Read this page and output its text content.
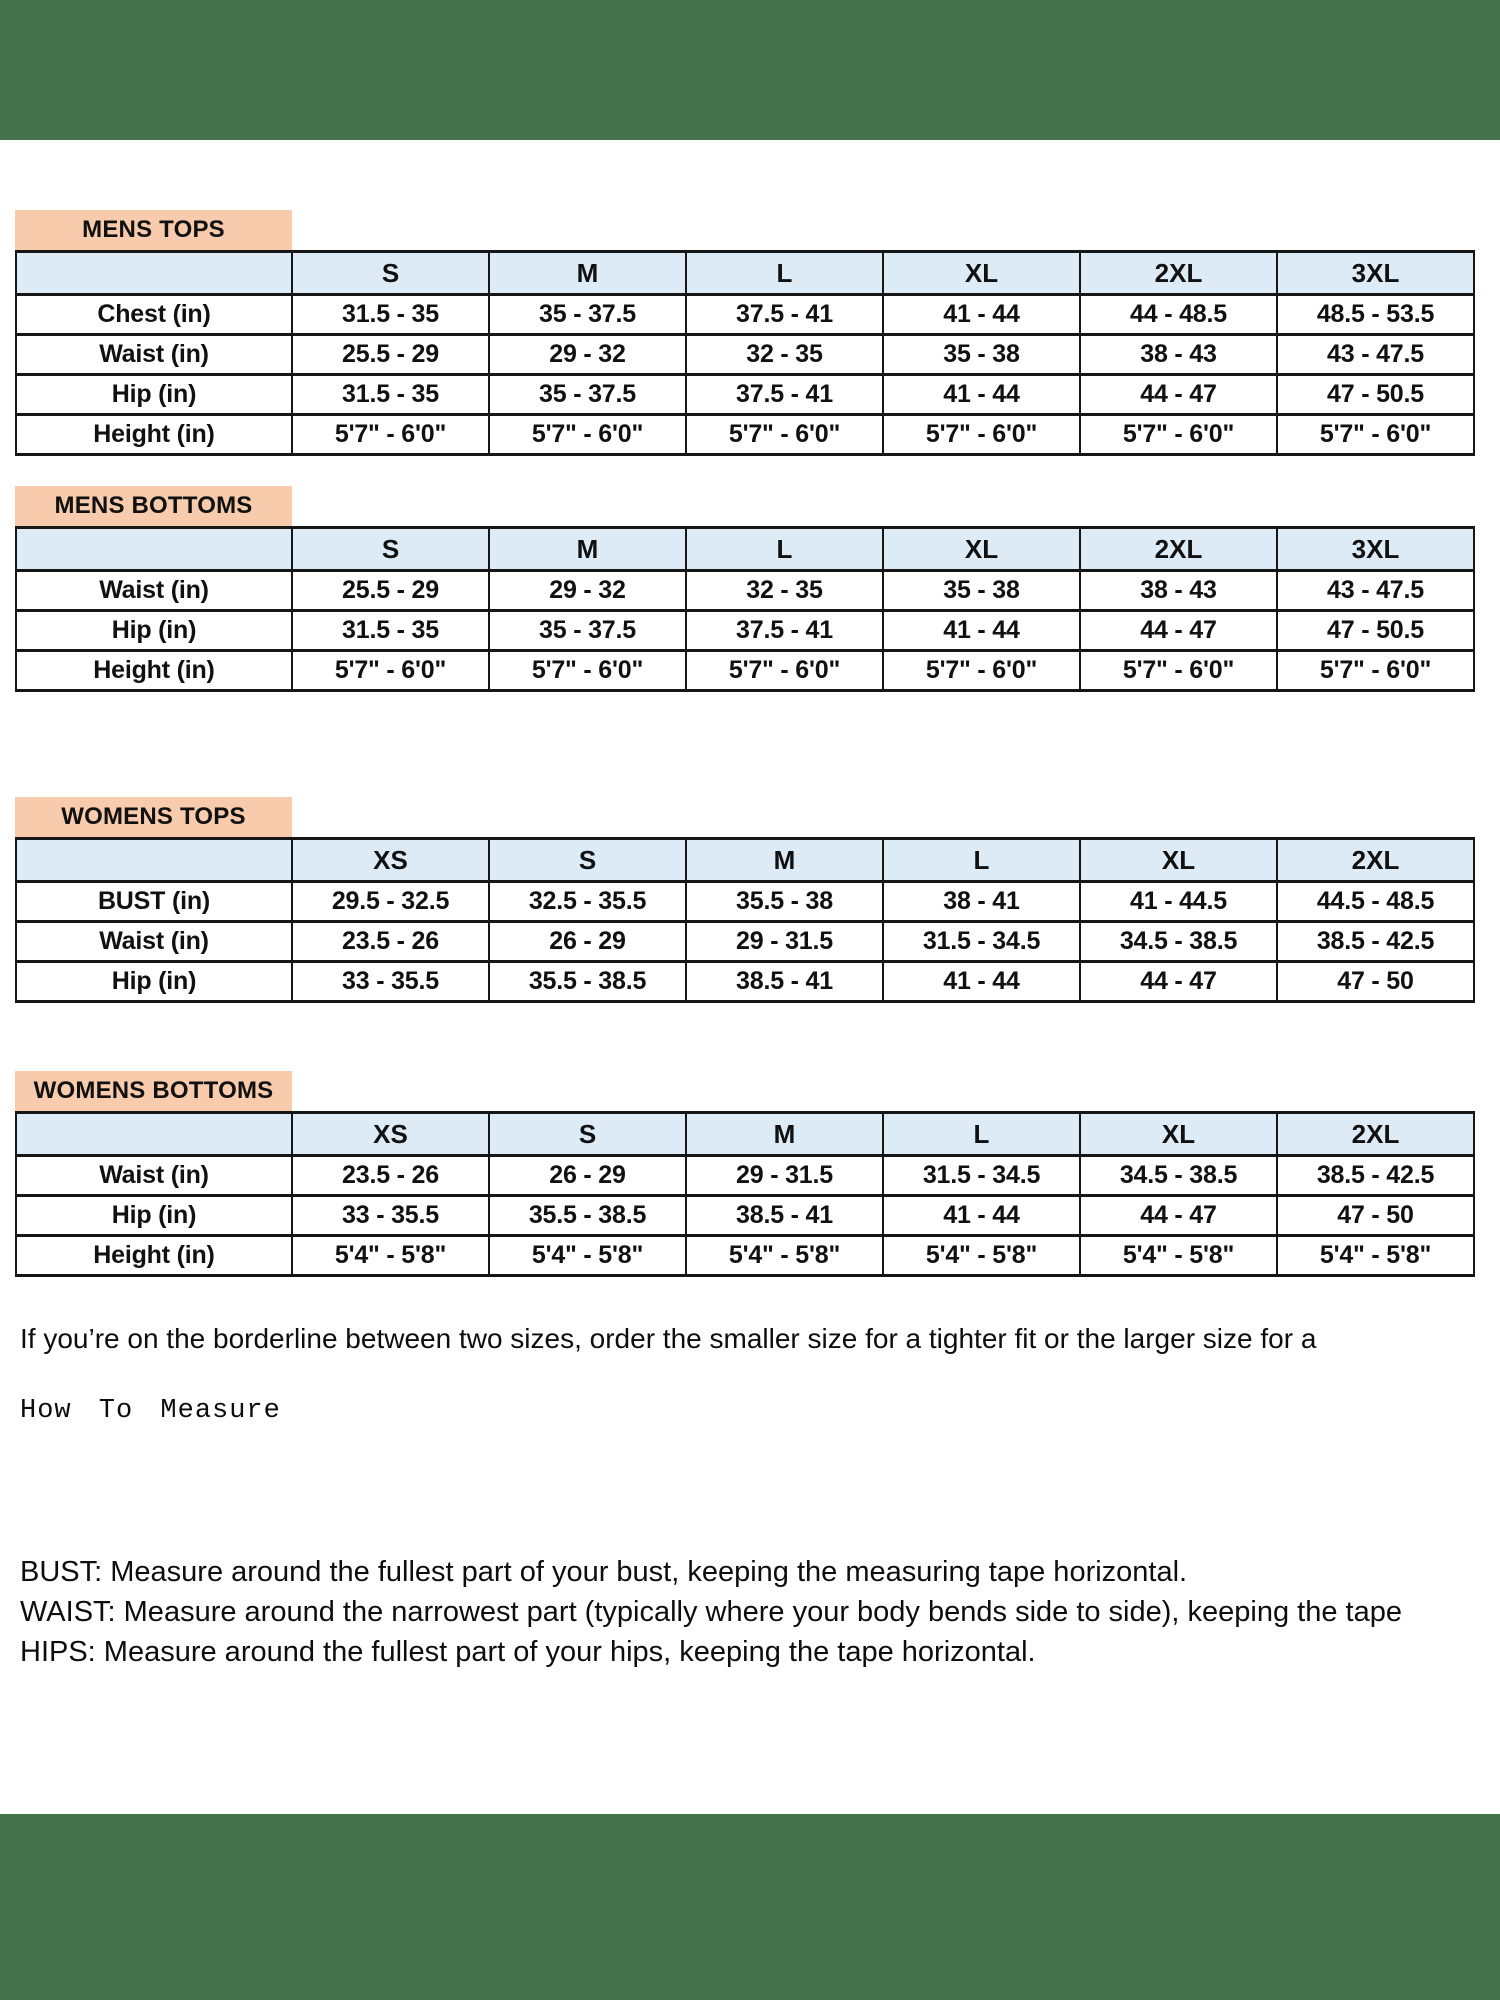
MENS TOPS
	S	M	L	XL	2XL	3XL
Chest (in)	31.5 - 35	35 - 37.5	37.5 - 41	41 - 44	44 - 48.5	48.5 - 53.5
Waist (in)	25.5 - 29	29 - 32	32 - 35	35 - 38	38 - 43	43 - 47.5
Hip (in)	31.5 - 35	35 - 37.5	37.5 - 41	41 - 44	44 - 47	47 - 50.5
Height (in)	5'7" - 6'0"	5'7" - 6'0"	5'7" - 6'0"	5'7" - 6'0"	5'7" - 6'0"	5'7" - 6'0"
MENS BOTTOMS
	S	M	L	XL	2XL	3XL
Waist (in)	25.5 - 29	29 - 32	32 - 35	35 - 38	38 - 43	43 - 47.5
Hip (in)	31.5 - 35	35 - 37.5	37.5 - 41	41 - 44	44 - 47	47 - 50.5
Height (in)	5'7" - 6'0"	5'7" - 6'0"	5'7" - 6'0"	5'7" - 6'0"	5'7" - 6'0"	5'7" - 6'0"
WOMENS TOPS
	XS	S	M	L	XL	2XL
BUST (in)	29.5 - 32.5	32.5 - 35.5	35.5 - 38	38 - 41	41 - 44.5	44.5 - 48.5
Waist (in)	23.5 - 26	26 - 29	29 - 31.5	31.5 - 34.5	34.5 - 38.5	38.5 - 42.5
Hip (in)	33 - 35.5	35.5 - 38.5	38.5 - 41	41 - 44	44 - 47	47 - 50
WOMENS BOTTOMS
	XS	S	M	L	XL	2XL
Waist (in)	23.5 - 26	26 - 29	29 - 31.5	31.5 - 34.5	34.5 - 38.5	38.5 - 42.5
Hip (in)	33 - 35.5	35.5 - 38.5	38.5 - 41	41 - 44	44 - 47	47 - 50
Height (in)	5'4" - 5'8"	5'4" - 5'8"	5'4" - 5'8"	5'4" - 5'8"	5'4" - 5'8"	5'4" - 5'8"
If you’re on the borderline between two sizes, order the smaller size for a tighter fit or the larger size for a
How To Measure
BUST: Measure around the fullest part of your bust, keeping the measuring tape horizontal.
WAIST: Measure around the narrowest part (typically where your body bends side to side), keeping the tape
HIPS: Measure around the fullest part of your hips, keeping the tape horizontal.
